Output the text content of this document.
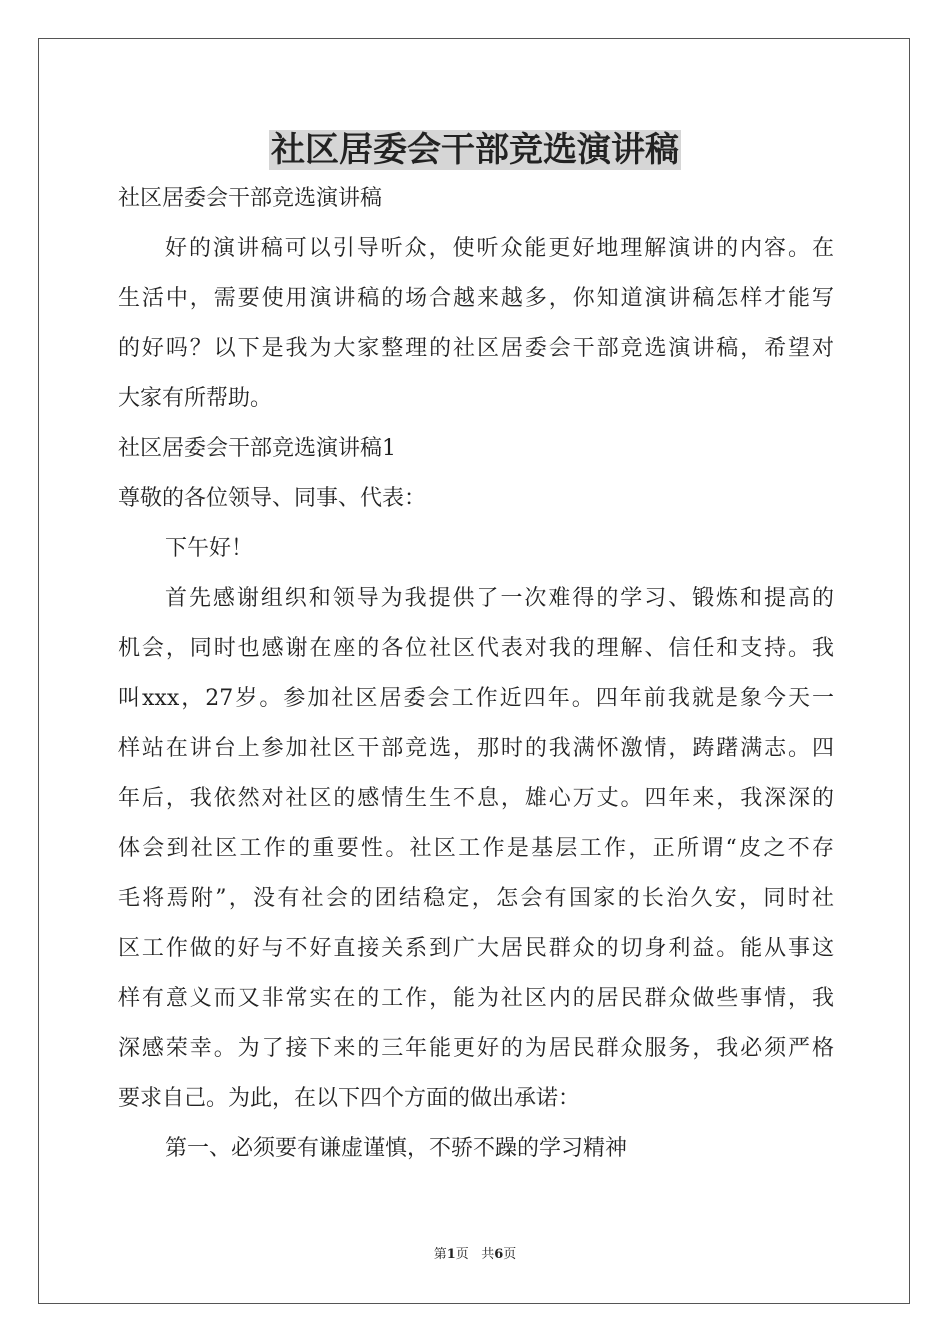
社区居委会干部竞选演讲稿
社区居委会干部竞选演讲稿
好的演讲稿可以引导听众，使听众能更好地理解演讲的内容。在
生活中，需要使用演讲稿的场合越来越多，你知道演讲稿怎样才能写
的好吗？以下是我为大家整理的社区居委会干部竞选演讲稿，希望对
大家有所帮助。
社区居委会干部竞选演讲稿1
尊敬的各位领导、同事、代表：
下午好！
首先感谢组织和领导为我提供了一次难得的学习、锻炼和提高的
机会，同时也感谢在座的各位社区代表对我的理解、信任和支持。我
叫xxx，27岁。参加社区居委会工作近四年。四年前我就是象今天一
样站在讲台上参加社区干部竞选，那时的我满怀激情，踌躇满志。四
年后，我依然对社区的感情生生不息，雄心万丈。四年来，我深深的
体会到社区工作的重要性。社区工作是基层工作，正所谓“皮之不存
毛将焉附”，没有社会的团结稳定，怎会有国家的长治久安，同时社
区工作做的好与不好直接关系到广大居民群众的切身利益。能从事这
样有意义而又非常实在的工作，能为社区内的居民群众做些事情，我
深感荣幸。为了接下来的三年能更好的为居民群众服务，我必须严格
要求自己。为此，在以下四个方面的做出承诺：
第一、必须要有谦虚谨慎，不骄不躁的学习精神
第1页 共6页
